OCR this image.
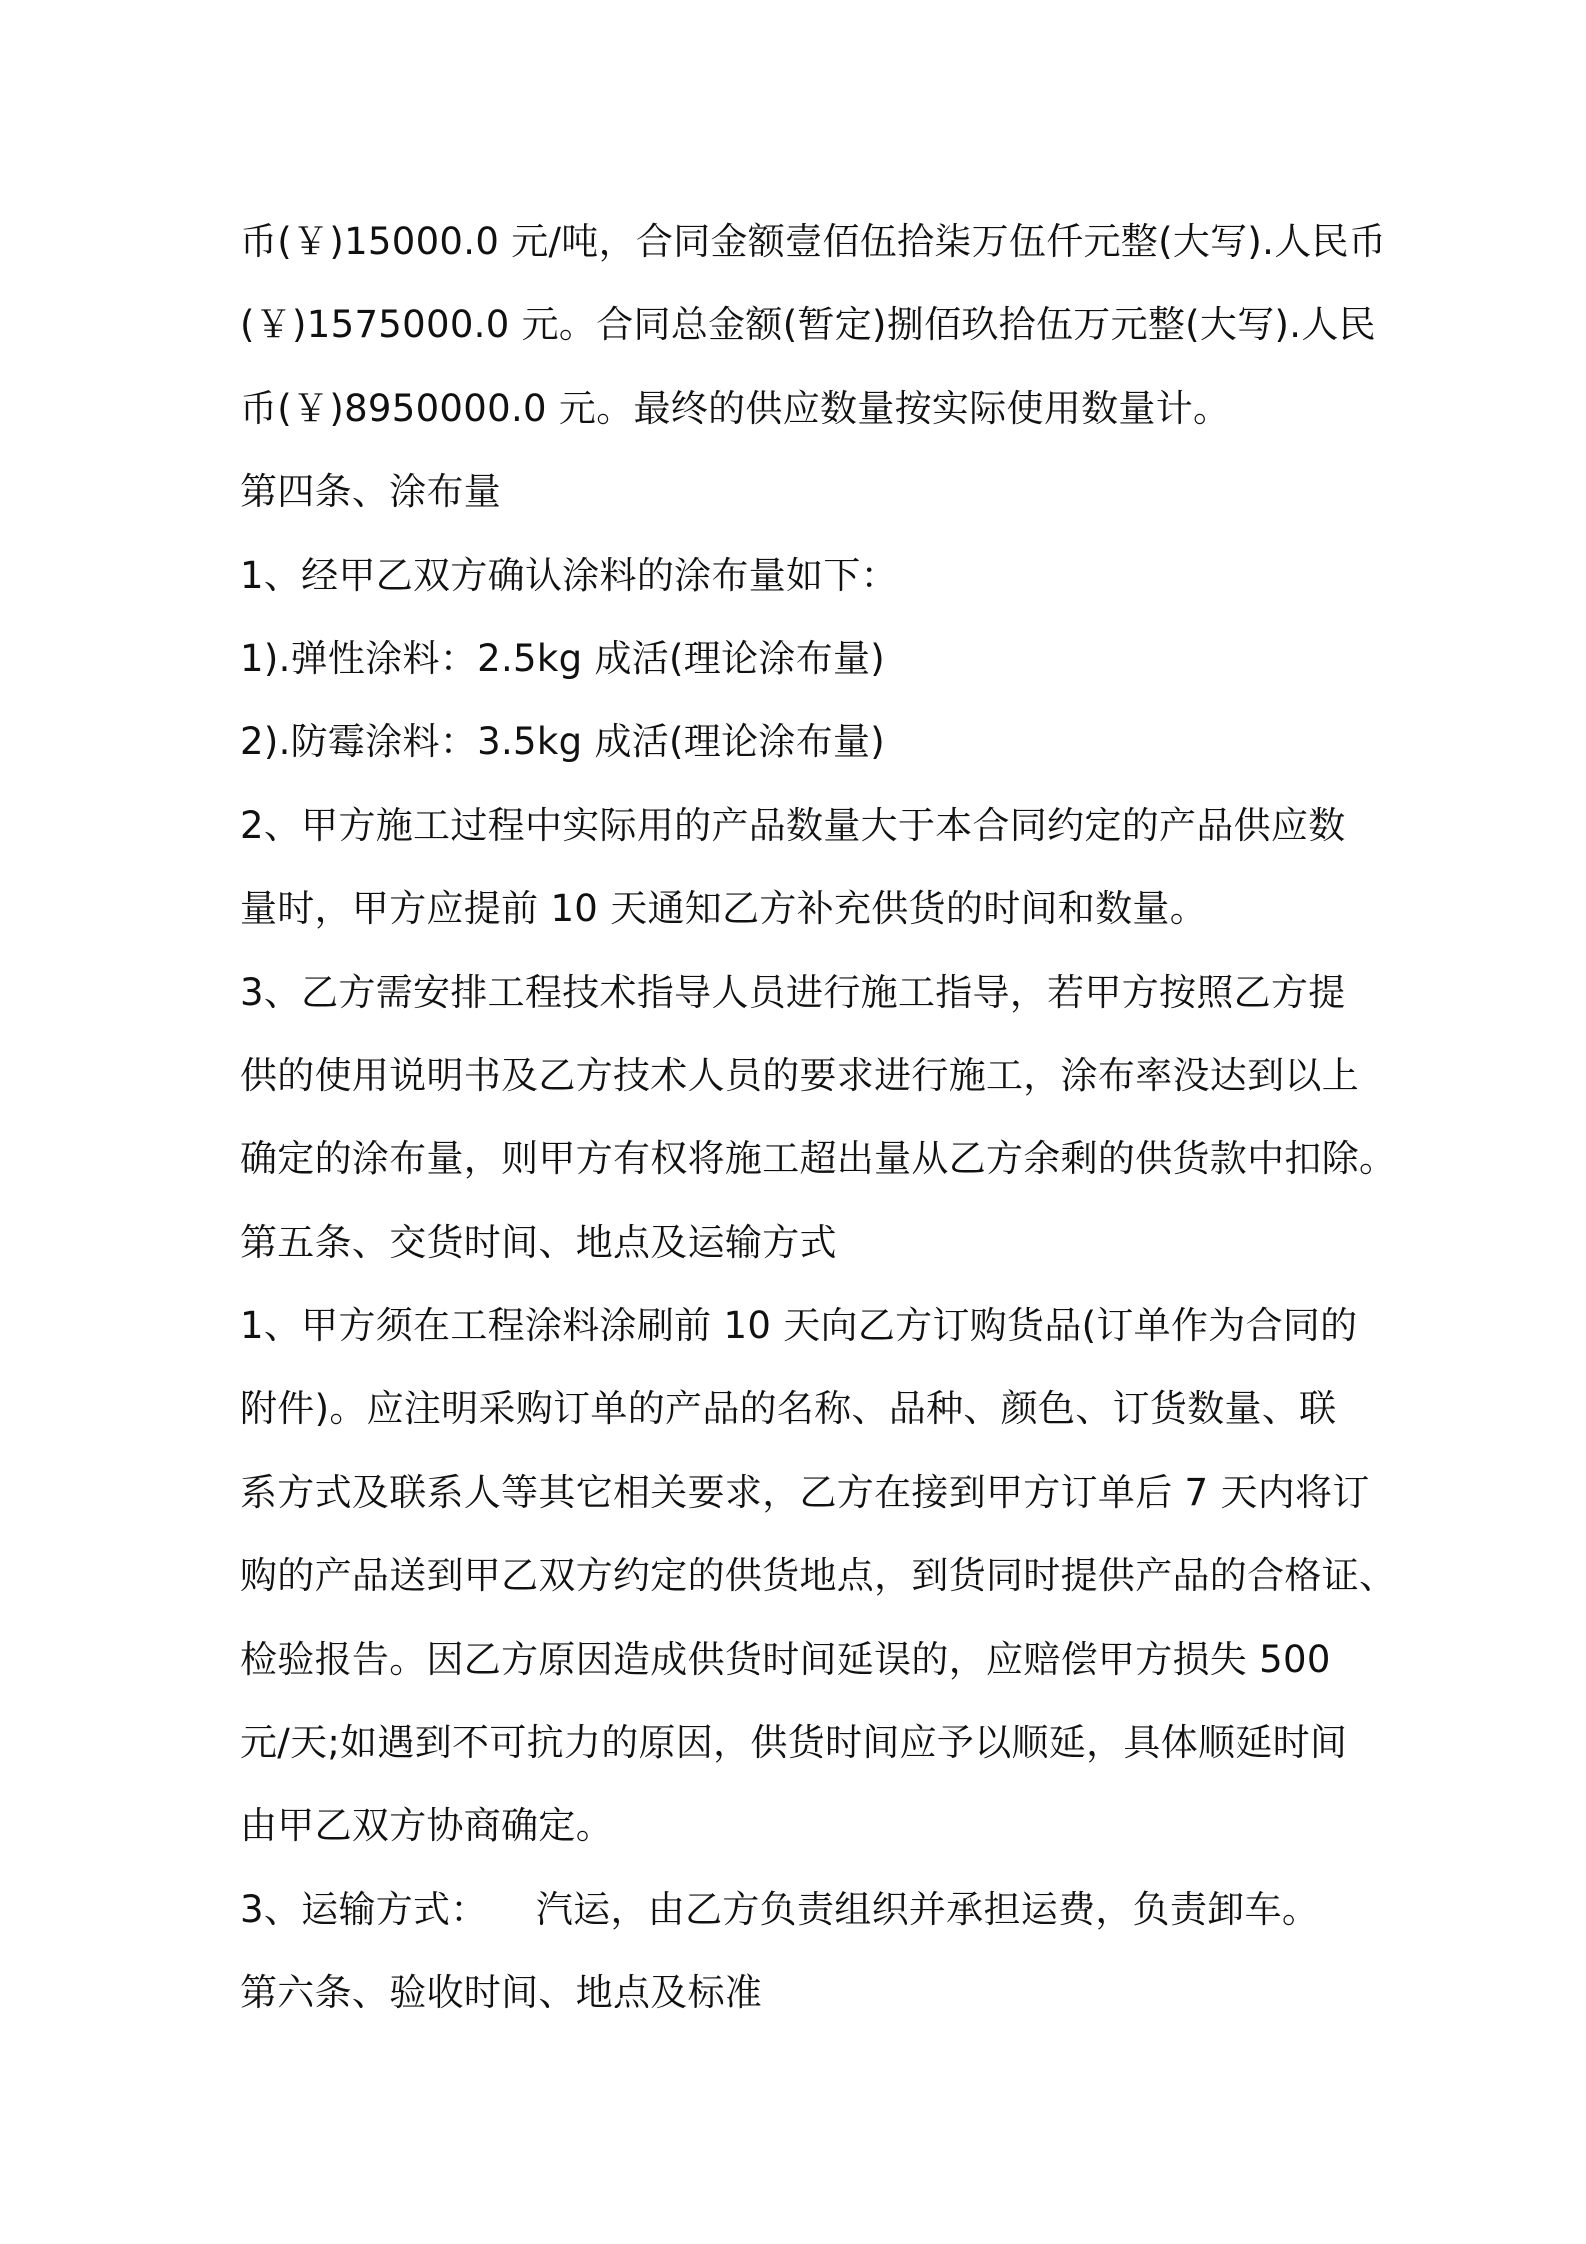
币(￥)15000.0 元/吨，合同金额壹佰伍拾柒万伍仟元整(大写).人民币
(￥)1575000.0 元。合同总金额(暂定)捌佰玖拾伍万元整(大写).人民
币(￥)8950000.0 元。最终的供应数量按实际使用数量计。
第四条、涂布量
1、经甲乙双方确认涂料的涂布量如下：
1).弹性涂料：2.5kg 成活(理论涂布量)
2).防霉涂料：3.5kg 成活(理论涂布量)
2、甲方施工过程中实际用的产品数量大于本合同约定的产品供应数
量时，甲方应提前 10 天通知乙方补充供货的时间和数量。
3、乙方需安排工程技术指导人员进行施工指导，若甲方按照乙方提
供的使用说明书及乙方技术人员的要求进行施工，涂布率没达到以上
确定的涂布量，则甲方有权将施工超出量从乙方余剩的供货款中扣除。
第五条、交货时间、地点及运输方式
1、甲方须在工程涂料涂刷前 10 天向乙方订购货品(订单作为合同的
附件)。应注明采购订单的产品的名称、品种、颜色、订货数量、联
系方式及联系人等其它相关要求，乙方在接到甲方订单后 7 天内将订
购的产品送到甲乙双方约定的供货地点，到货同时提供产品的合格证、
检验报告。因乙方原因造成供货时间延误的，应赔偿甲方损失 500
元/天;如遇到不可抗力的原因，供货时间应予以顺延，具体顺延时间
由甲乙双方协商确定。
3、运输方式：    汽运，由乙方负责组织并承担运费，负责卸车。
第六条、验收时间、地点及标准
